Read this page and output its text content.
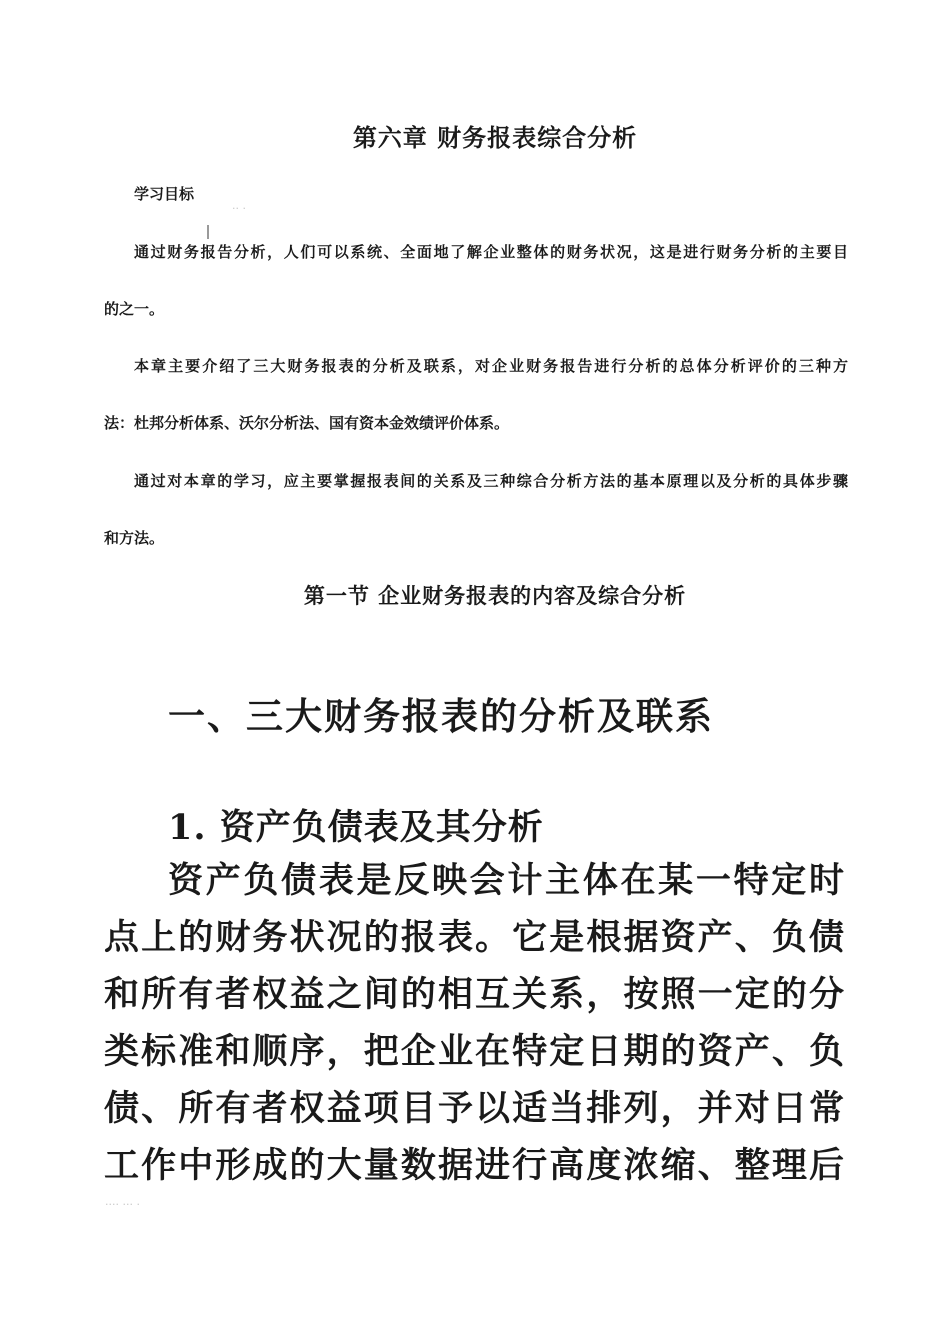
第六章 财务报表综合分析
学习目标
·· ·
通过财务报告分析，人们可以系统、全面地了解企业整体的财务状况，这是进行财务分析的主要目
的之一。
本章主要介绍了三大财务报表的分析及联系，对企业财务报告进行分析的总体分析评价的三种方
法：杜邦分析体系、沃尔分析法、国有资本金效绩评价体系。
通过对本章的学习，应主要掌握报表间的关系及三种综合分析方法的基本原理以及分析的具体步骤
和方法。
第一节 企业财务报表的内容及综合分析
一、三大财务报表的分析及联系
1. 资产负债表及其分析
资产负债表是反映会计主体在某一特定时
点上的财务状况的报表。它是根据资产、负债
和所有者权益之间的相互关系，按照一定的分
类标准和顺序，把企业在特定日期的资产、负
债、所有者权益项目予以适当排列，并对日常
工作中形成的大量数据进行高度浓缩、整理后
···· ··· ·
